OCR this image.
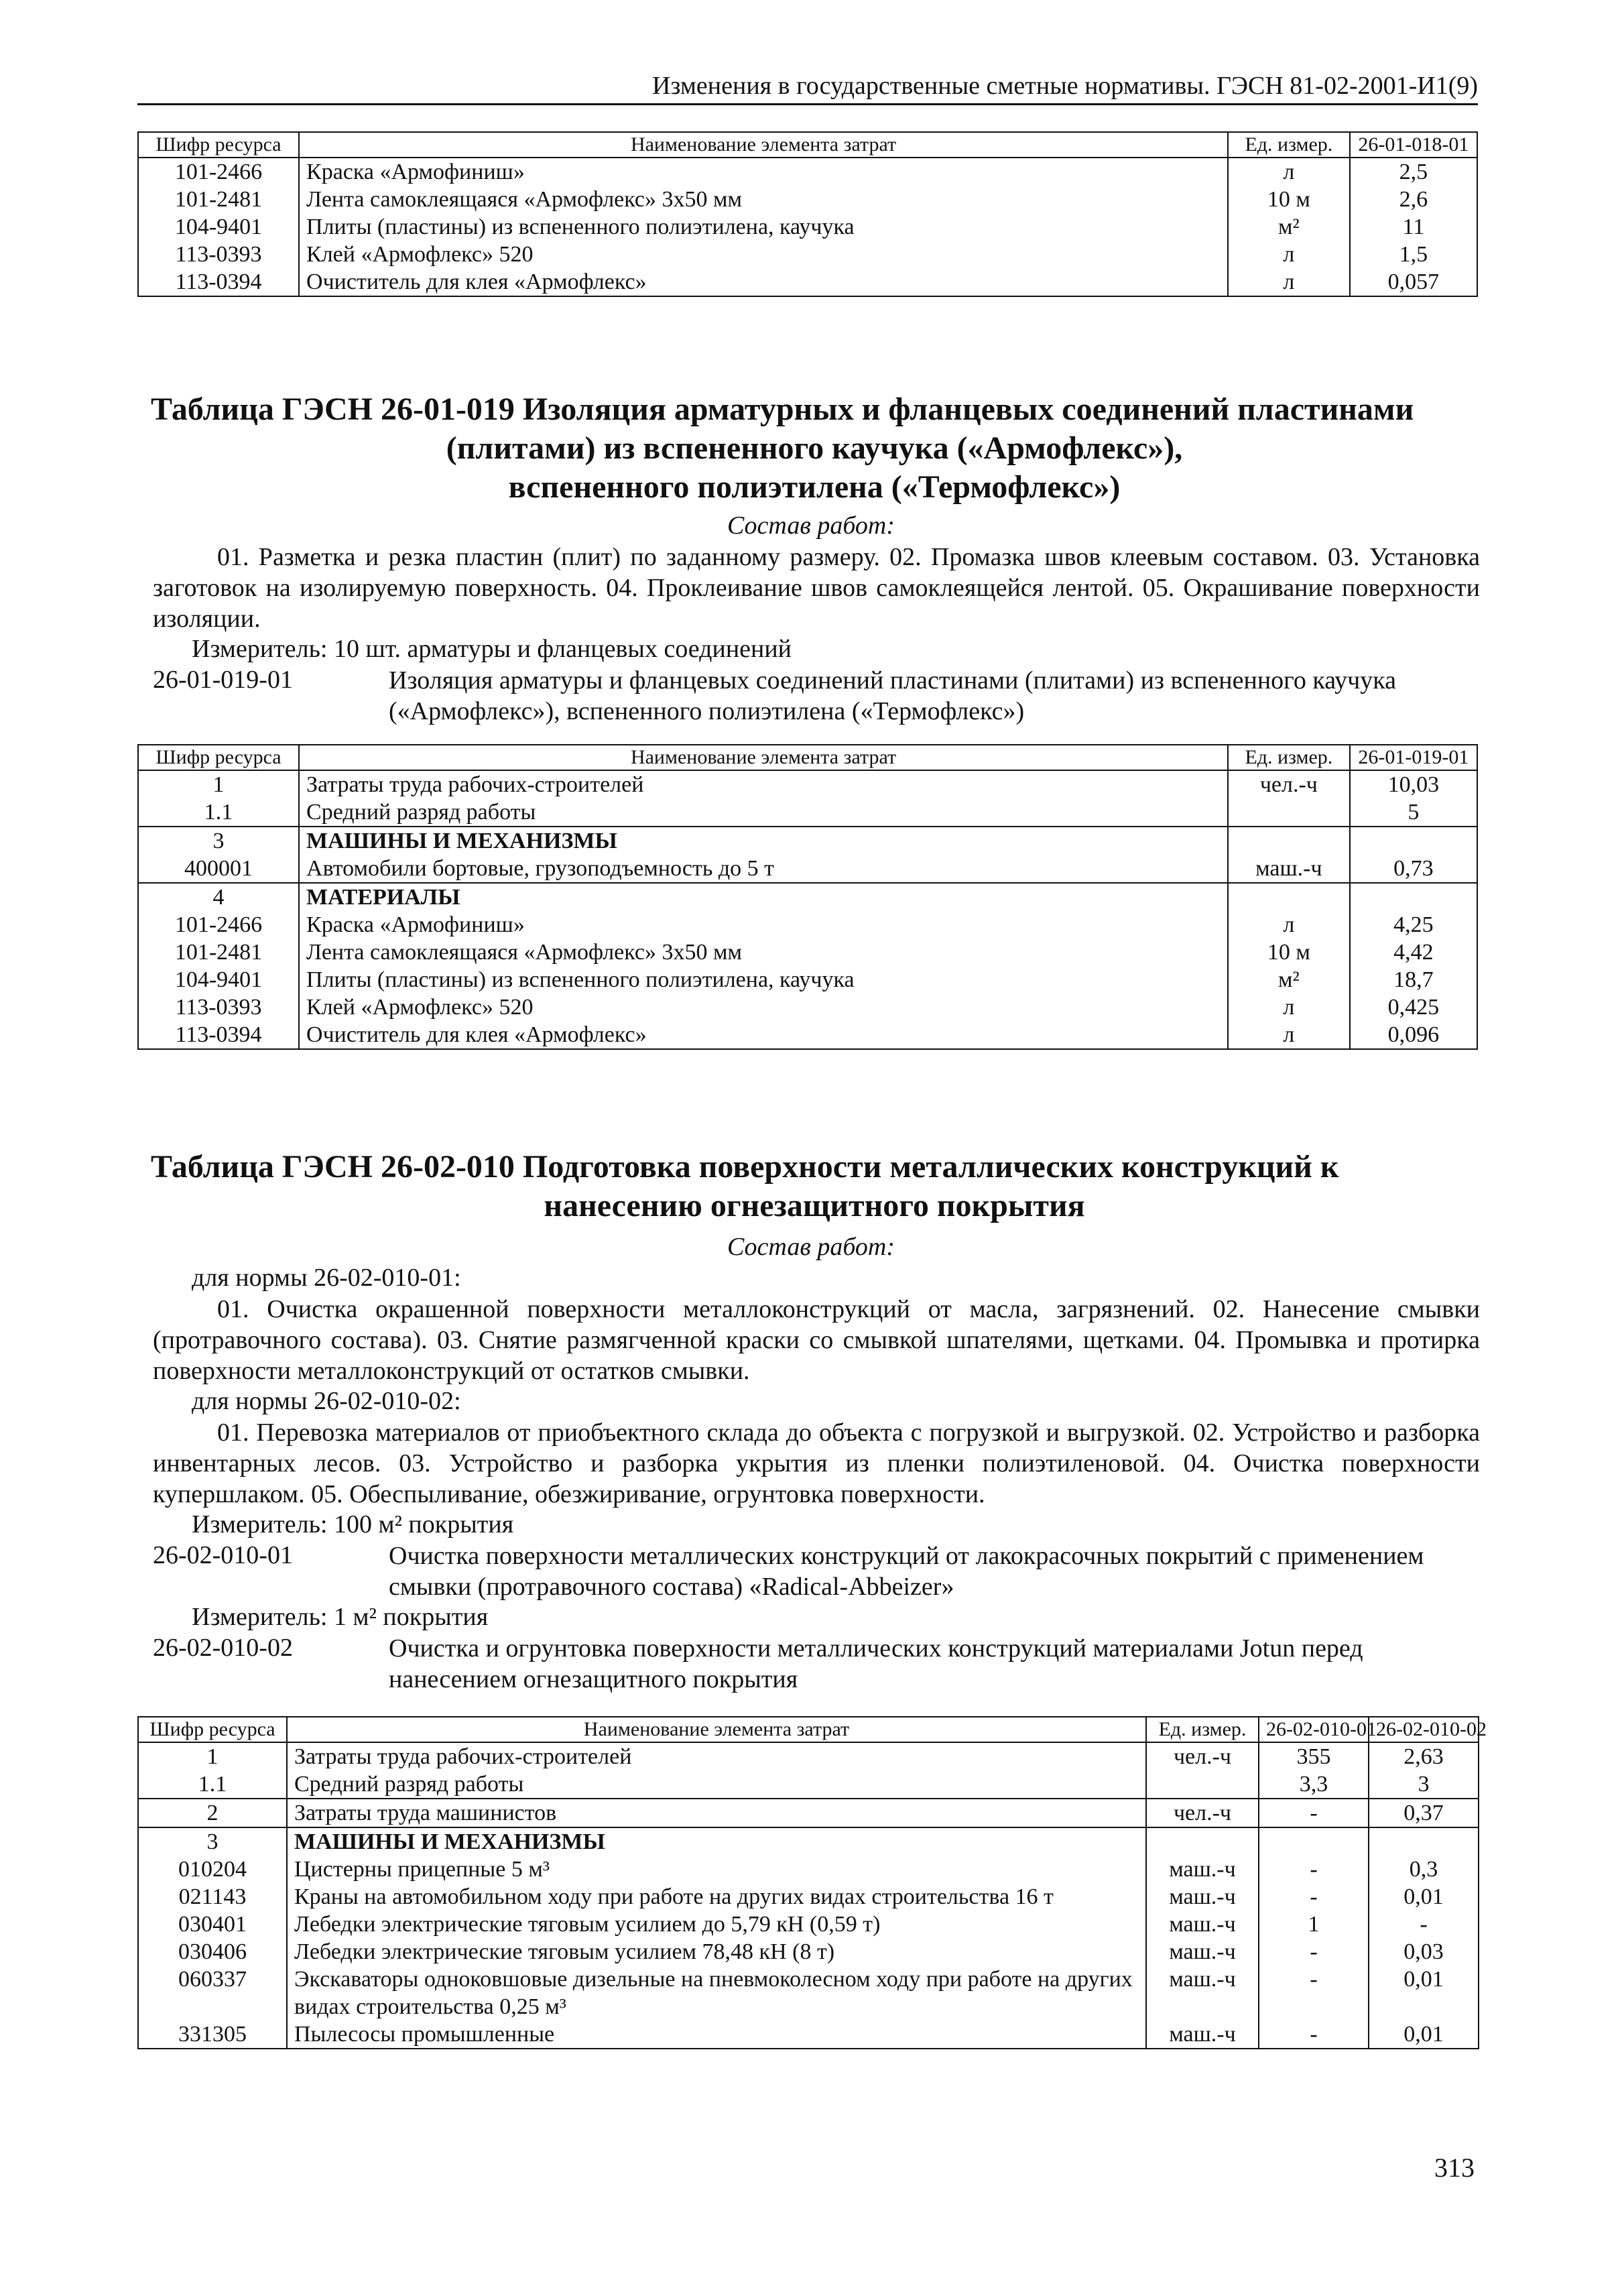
Изменения в государственные сметные нормативы. ГЭСН 81-02-2001-И1(9)
Шифр ресурса	Наименование элемента затрат	Ед. измер.	26-01-018-01
101-2466	Краска «Армофиниш»	л	2,5
101-2481	Лента самоклеящаяся «Армофлекс» 3х50 мм	10 м	2,6
104-9401	Плиты (пластины) из вспененного полиэтилена, каучука	м²	11
113-0393	Клей «Армофлекс» 520	л	1,5
113-0394	Очиститель для клея «Армофлекс»	л	0,057
Таблица ГЭСН 26-01-019 Изоляция арматурных и фланцевых соединений пластинами
(плитами) из вспененного каучука («Армофлекс»),
вспененного полиэтилена («Термофлекс»)
Состав работ:
01. Разметка и резка пластин (плит) по заданному размеру. 02. Промазка швов клеевым составом. 03. Установка заготовок на изолируемую поверхность. 04. Проклеивание швов самоклеящейся лентой. 05. Окрашивание поверхности изоляции.
Измеритель: 10 шт. арматуры и фланцевых соединений
26-01-019-01	Изоляция арматуры и фланцевых соединений пластинами (плитами) из вспененного каучука («Армофлекс»), вспененного полиэтилена («Термофлекс»)
Шифр ресурса	Наименование элемента затрат	Ед. измер.	26-01-019-01
1	Затраты труда рабочих-строителей	чел.-ч	10,03
1.1	Средний разряд работы		5
3	МАШИНЫ И МЕХАНИЗМЫ		
400001	Автомобили бортовые, грузоподъемность до 5 т	маш.-ч	0,73
4	МАТЕРИАЛЫ		
101-2466	Краска «Армофиниш»	л	4,25
101-2481	Лента самоклеящаяся «Армофлекс» 3х50 мм	10 м	4,42
104-9401	Плиты (пластины) из вспененного полиэтилена, каучука	м²	18,7
113-0393	Клей «Армофлекс» 520	л	0,425
113-0394	Очиститель для клея «Армофлекс»	л	0,096
Таблица ГЭСН 26-02-010 Подготовка поверхности металлических конструкций к
нанесению огнезащитного покрытия
Состав работ:
для нормы 26-02-010-01:
01. Очистка окрашенной поверхности металлоконструкций от масла, загрязнений. 02. Нанесение смывки (протравочного состава). 03. Снятие размягченной краски со смывкой шпателями, щетками. 04. Промывка и протирка поверхности металлоконструкций от остатков смывки.
для нормы 26-02-010-02:
01. Перевозка материалов от приобъектного склада до объекта с погрузкой и выгрузкой. 02. Устройство и разборка инвентарных лесов. 03. Устройство и разборка укрытия из пленки полиэтиленовой. 04. Очистка поверхности купершлаком. 05. Обеспыливание, обезжиривание, огрунтовка поверхности.
Измеритель: 100 м² покрытия
26-02-010-01	Очистка поверхности металлических конструкций от лакокрасочных покрытий с применением смывки (протравочного состава) «Radical-Abbeizer»
Измеритель: 1 м² покрытия
26-02-010-02	Очистка и огрунтовка поверхности металлических конструкций материалами Jotun перед нанесением огнезащитного покрытия
Шифр ресурса	Наименование элемента затрат	Ед. измер.	26-02-010-01	26-02-010-02
1	Затраты труда рабочих-строителей	чел.-ч	355	2,63
1.1	Средний разряд работы		3,3	3
2	Затраты труда машинистов	чел.-ч	-	0,37
3	МАШИНЫ И МЕХАНИЗМЫ			
010204	Цистерны прицепные 5 м³	маш.-ч	-	0,3
021143	Краны на автомобильном ходу при работе на других видах строительства 16 т	маш.-ч	-	0,01
030401	Лебедки электрические тяговым усилием до 5,79 кН (0,59 т)	маш.-ч	1	-
030406	Лебедки электрические тяговым усилием 78,48 кН (8 т)	маш.-ч	-	0,03
060337	Экскаваторы одноковшовые дизельные на пневмоколесном ходу при работе на других видах строительства 0,25 м³	маш.-ч	-	0,01
331305	Пылесосы промышленные	маш.-ч	-	0,01
313
